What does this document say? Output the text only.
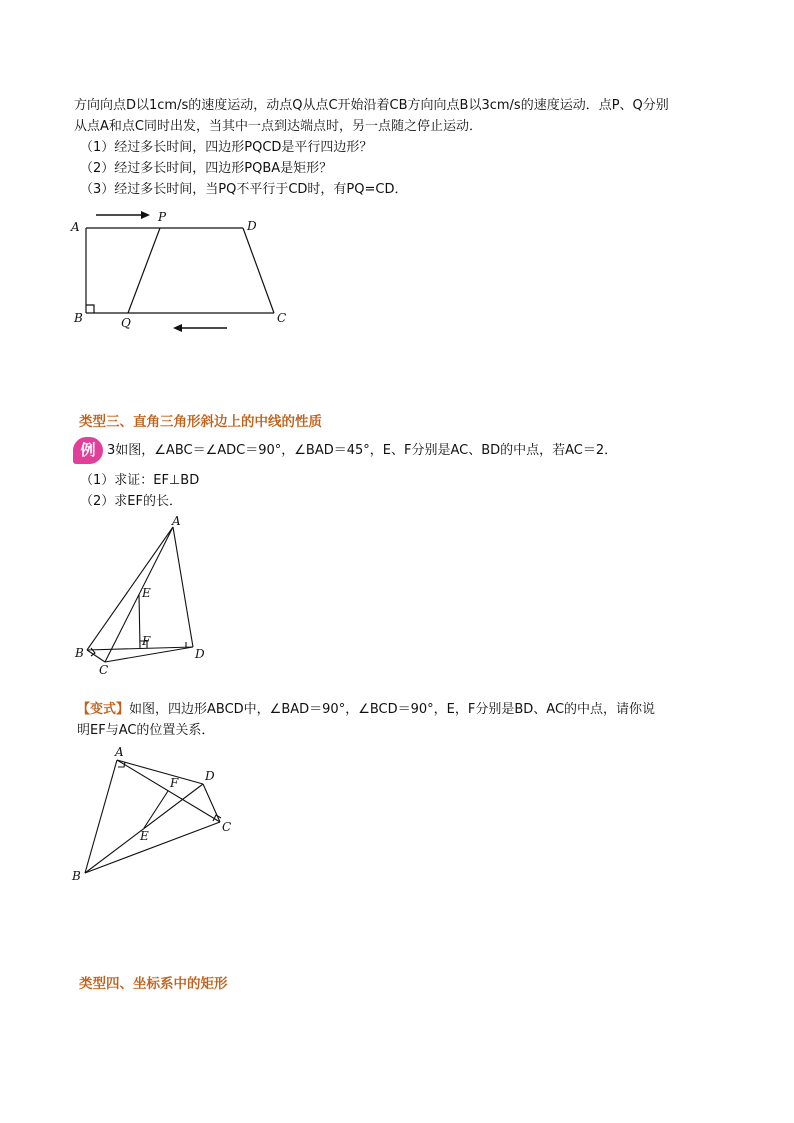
方向向点D以1cm/s的速度运动，动点Q从点C开始沿着CB方向向点B以3cm/s的速度运动．点P、Q分别
从点A和点C同时出发，当其中一点到达端点时，另一点随之停止运动．
（1）经过多长时间，四边形PQCD是平行四边形？
（2）经过多长时间，四边形PQBA是矩形？
（3）经过多长时间，当PQ不平行于CD时，有PQ=CD．
A
P
D
B	Q	C
类型三、直角三角形斜边上的中线的性质
例 3如图，∠ABC＝∠ADC＝90°，∠BAD＝45°，E、F分别是AC、BD的中点，若AC＝2．
（1）求证：EF⊥BD
（2）求EF的长．
A
E
F
B
C
D
【变式】如图，四边形ABCD中，∠BAD＝90°，∠BCD＝90°，E，F分别是BD、AC的中点，请你说
明EF与AC的位置关系．
A
D
F
C
E
B
类型四、坐标系中的矩形
